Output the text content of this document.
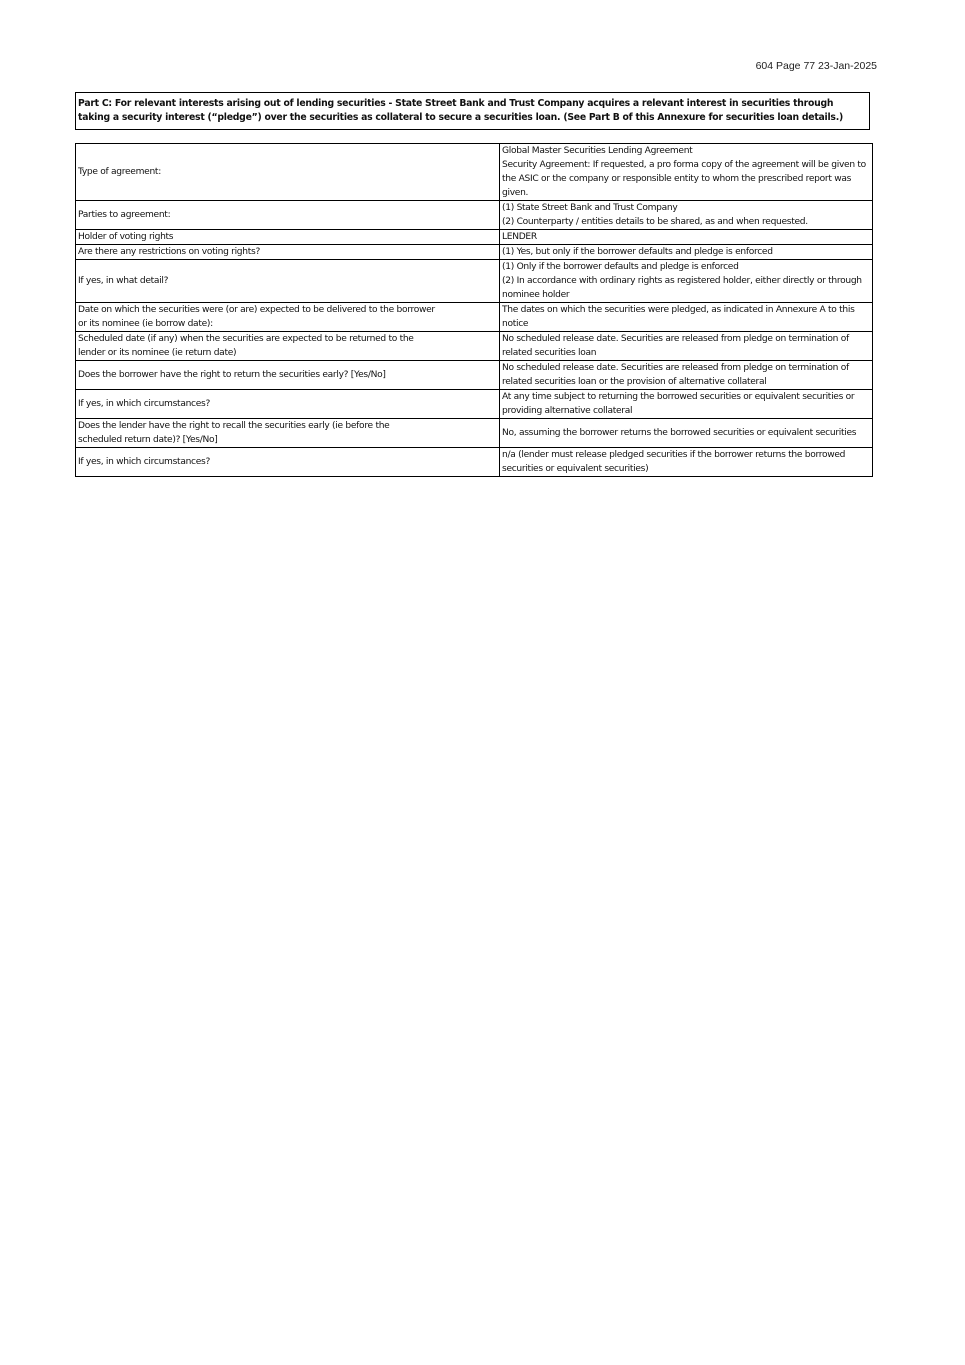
604 Page 77 23-Jan-2025
Part C: For relevant interests arising out of lending securities - State Street Bank and Trust Company acquires a relevant interest in securities through taking a security interest (“pledge”) over the securities as collateral to secure a securities loan. (See Part B of this Annexure for securities loan details.)
Type of agreement:	Global Master Securities Lending Agreement
Security Agreement: If requested, a pro forma copy of the agreement will be given to the ASIC or the company or responsible entity to whom the prescribed report was given.

Parties to agreement:	(1) State Street Bank and Trust Company
(2) Counterparty / entities details to be shared, as and when requested.

Holder of voting rights	LENDER

Are there any restrictions on voting rights?	(1) Yes, but only if the borrower defaults and pledge is enforced

If yes, in what detail?	(1) Only if the borrower defaults and pledge is enforced
(2) In accordance with ordinary rights as registered holder, either directly or through nominee holder

Date on which the securities were (or are) expected to be delivered to the borrower
or its nominee (ie borrow date):	The dates on which the securities were pledged, as indicated in Annexure A to this notice

Scheduled date (if any) when the securities are expected to be returned to the
lender or its nominee (ie return date)	No scheduled release date. Securities are released from pledge on termination of related securities loan

Does the borrower have the right to return the securities early? [Yes/No]	No scheduled release date. Securities are released from pledge on termination of related securities loan or the provision of alternative collateral

If yes, in which circumstances?	At any time subject to returning the borrowed securities or equivalent securities or providing alternative collateral

Does the lender have the right to recall the securities early (ie before the
scheduled return date)? [Yes/No]	No, assuming the borrower returns the borrowed securities or equivalent securities

If yes, in which circumstances?	n/a (lender must release pledged securities if the borrower returns the borrowed securities or equivalent securities)
